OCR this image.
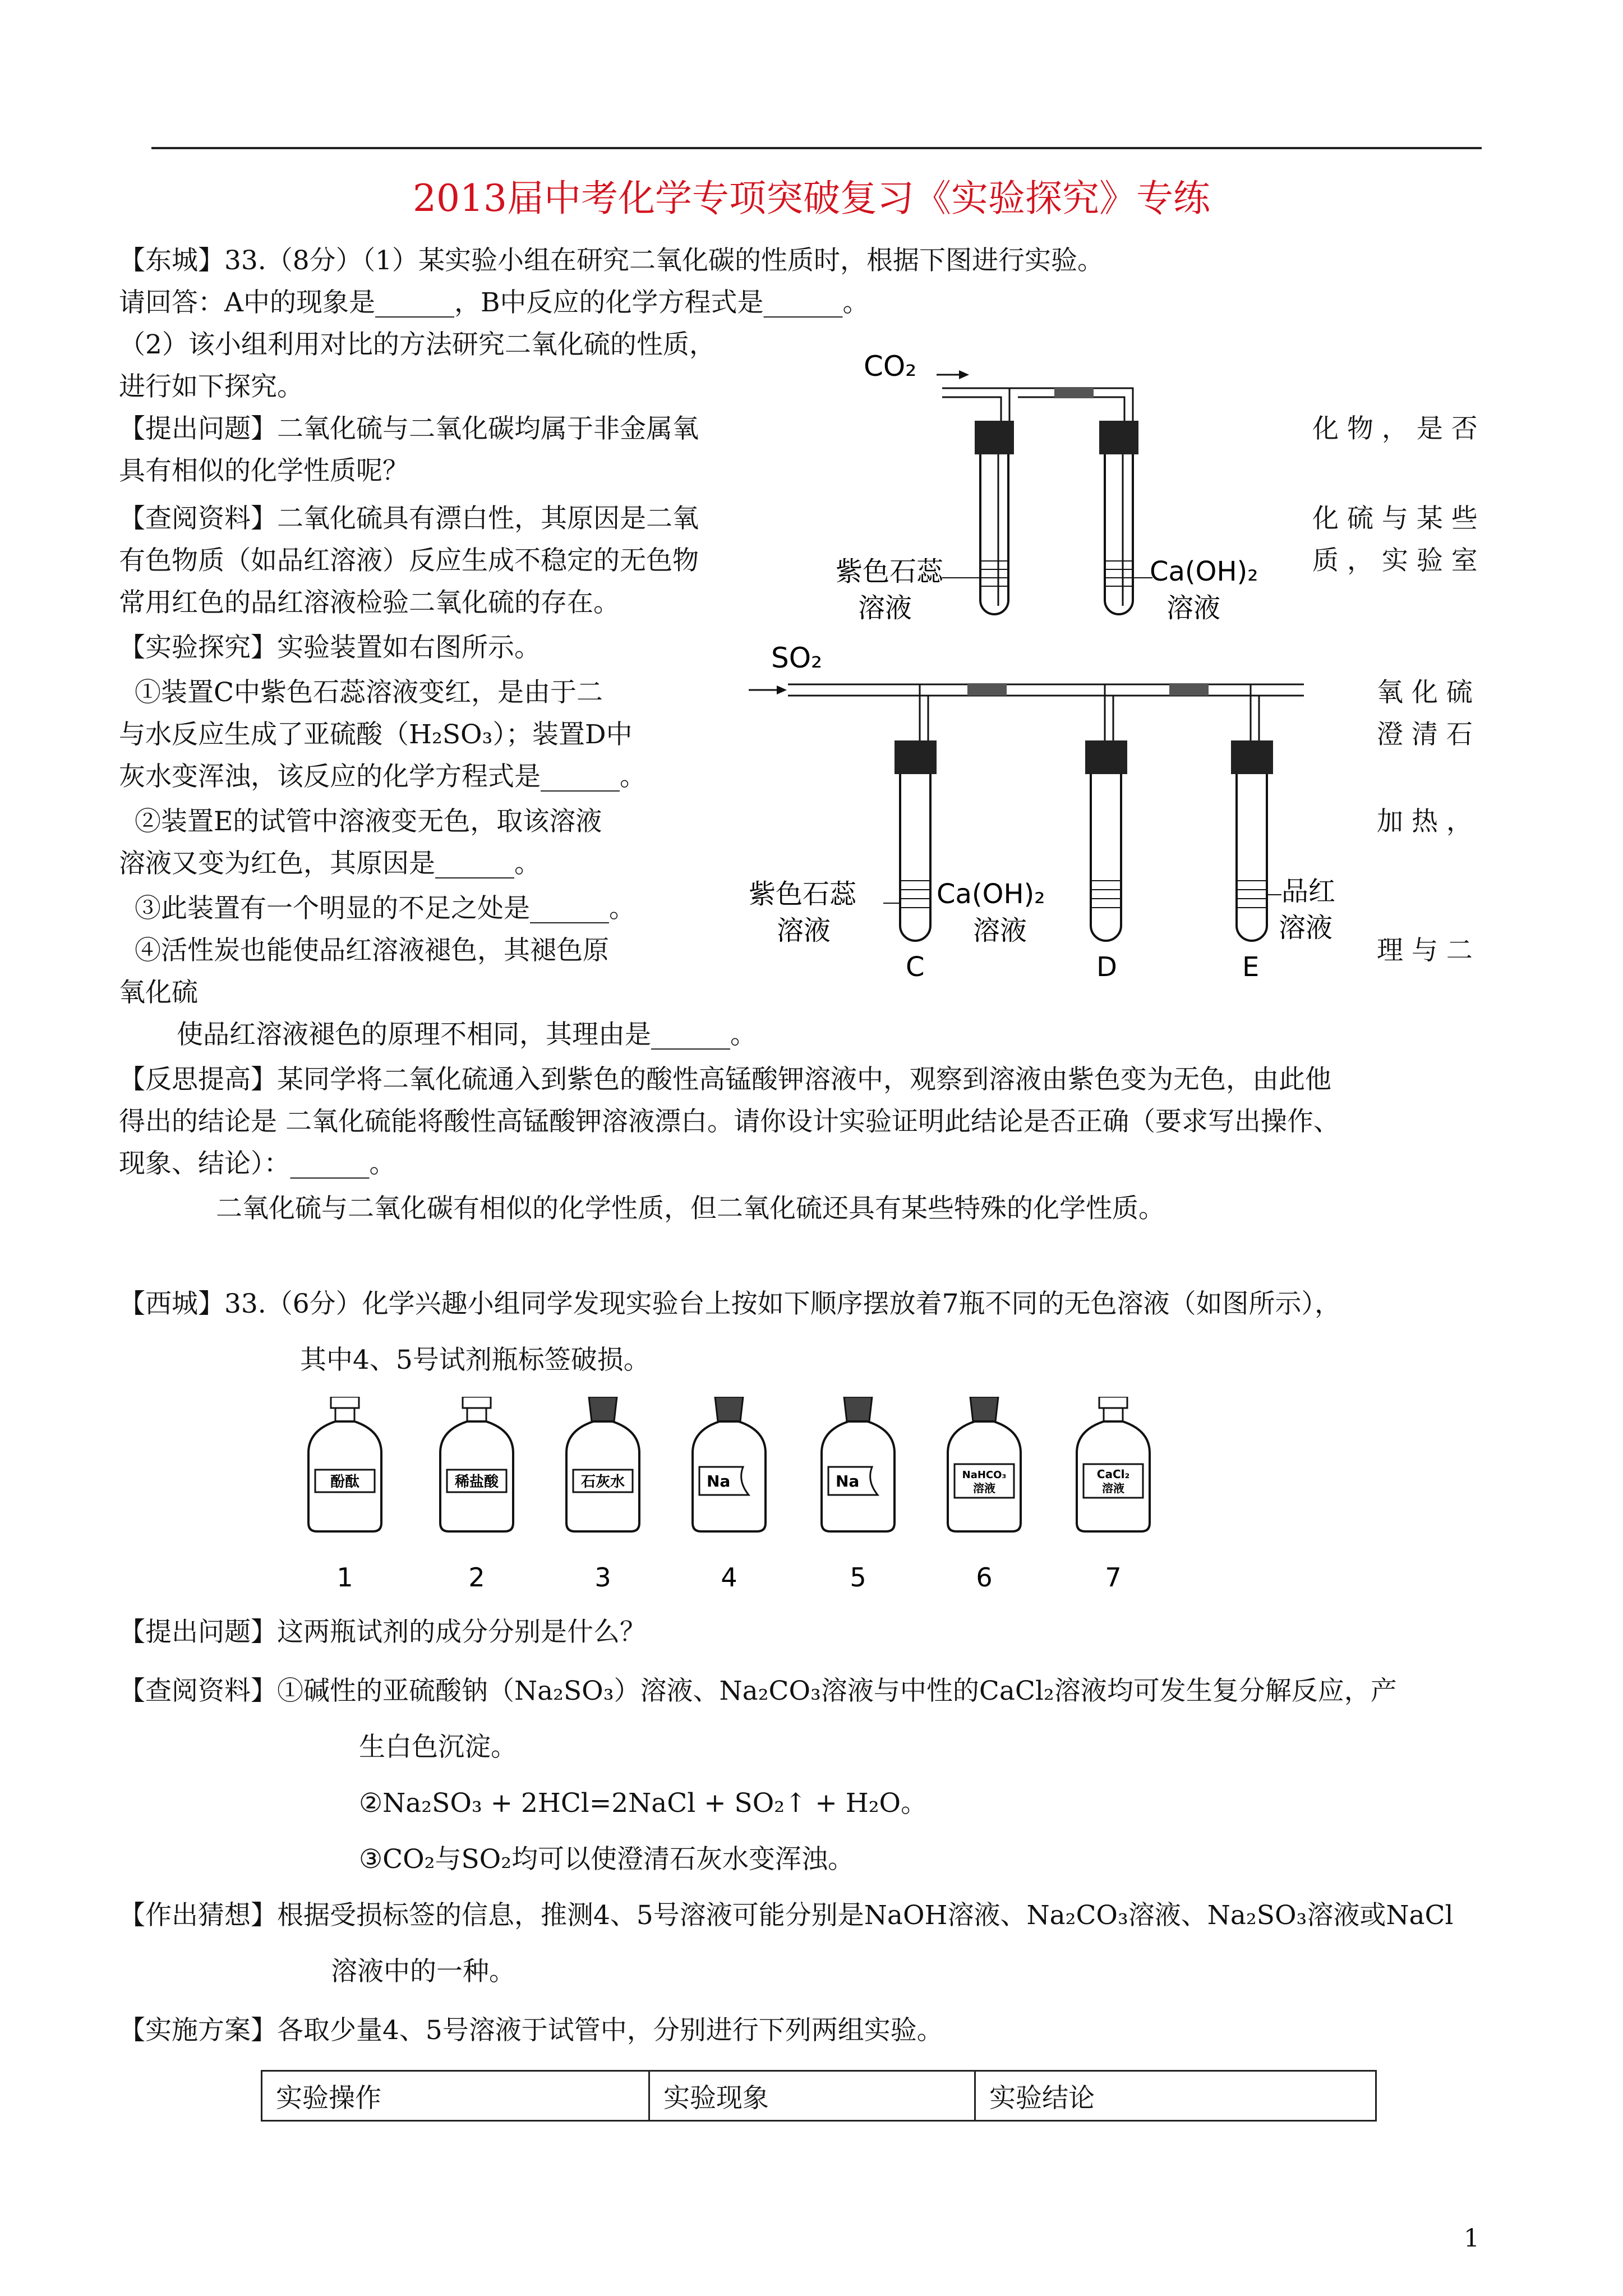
2013届中考化学专项突破复习《实验探究》专练
【东城】33.（8分）（1）某实验小组在研究二氧化碳的性质时，根据下图进行实验。
请回答：A中的现象是______，B中反应的化学方程式是______。
（2）该小组利用对比的方法研究二氧化硫的性质，
进行如下探究。
【提出问题】二氧化硫与二氧化碳均属于非金属氧	化 物 ， 是 否
具有相似的化学性质呢？
【查阅资料】二氧化硫具有漂白性，其原因是二氧	化 硫 与 某 些
有色物质（如品红溶液）反应生成不稳定的无色物	质 ， 实 验 室
常用红色的品红溶液检验二氧化硫的存在。
【实验探究】实验装置如右图所示。
①装置C中紫色石蕊溶液变红，是由于二	氧 化 硫
与水反应生成了亚硫酸（H₂SO₃）；装置D中	澄 清 石
灰水变浑浊，该反应的化学方程式是______。
②装置E的试管中溶液变无色，取该溶液	加 热 ，
溶液又变为红色，其原因是______。
③此装置有一个明显的不足之处是______。
④活性炭也能使品红溶液褪色，其褪色原	理 与 二
氧化硫
使品红溶液褪色的原理不相同，其理由是______。
【反思提高】某同学将二氧化硫通入到紫色的酸性高锰酸钾溶液中，观察到溶液由紫色变为无色，由此他
得出的结论是 二氧化硫能将酸性高锰酸钾溶液漂白。请你设计实验证明此结论是否正确（要求写出操作、
现象、结论）：______。
二氧化硫与二氧化碳有相似的化学性质，但二氧化硫还具有某些特殊的化学性质。
CO₂
紫色石蕊
溶液
Ca(OH)₂
溶液
SO₂
紫色石蕊
溶液
Ca(OH)₂
溶液
品红
溶液
C	D	E
【西城】33.（6分）化学兴趣小组同学发现实验台上按如下顺序摆放着7瓶不同的无色溶液（如图所示），
其中4、5号试剂瓶标签破损。
酚酞
1
稀盐酸
2
石灰水
3
Na
4
Na
5
NaHCO₃
溶液
6
CaCl₂
溶液
7
【提出问题】这两瓶试剂的成分分别是什么？
【查阅资料】①碱性的亚硫酸钠（Na₂SO₃）溶液、Na₂CO₃溶液与中性的CaCl₂溶液均可发生复分解反应，产
生白色沉淀。
②Na₂SO₃ + 2HCl=2NaCl + SO₂↑ + H₂O。
③CO₂与SO₂均可以使澄清石灰水变浑浊。
【作出猜想】根据受损标签的信息，推测4、5号溶液可能分别是NaOH溶液、Na₂CO₃溶液、Na₂SO₃溶液或NaCl
溶液中的一种。
【实施方案】各取少量4、5号溶液于试管中，分别进行下列两组实验。
实验操作	实验现象	实验结论
1
